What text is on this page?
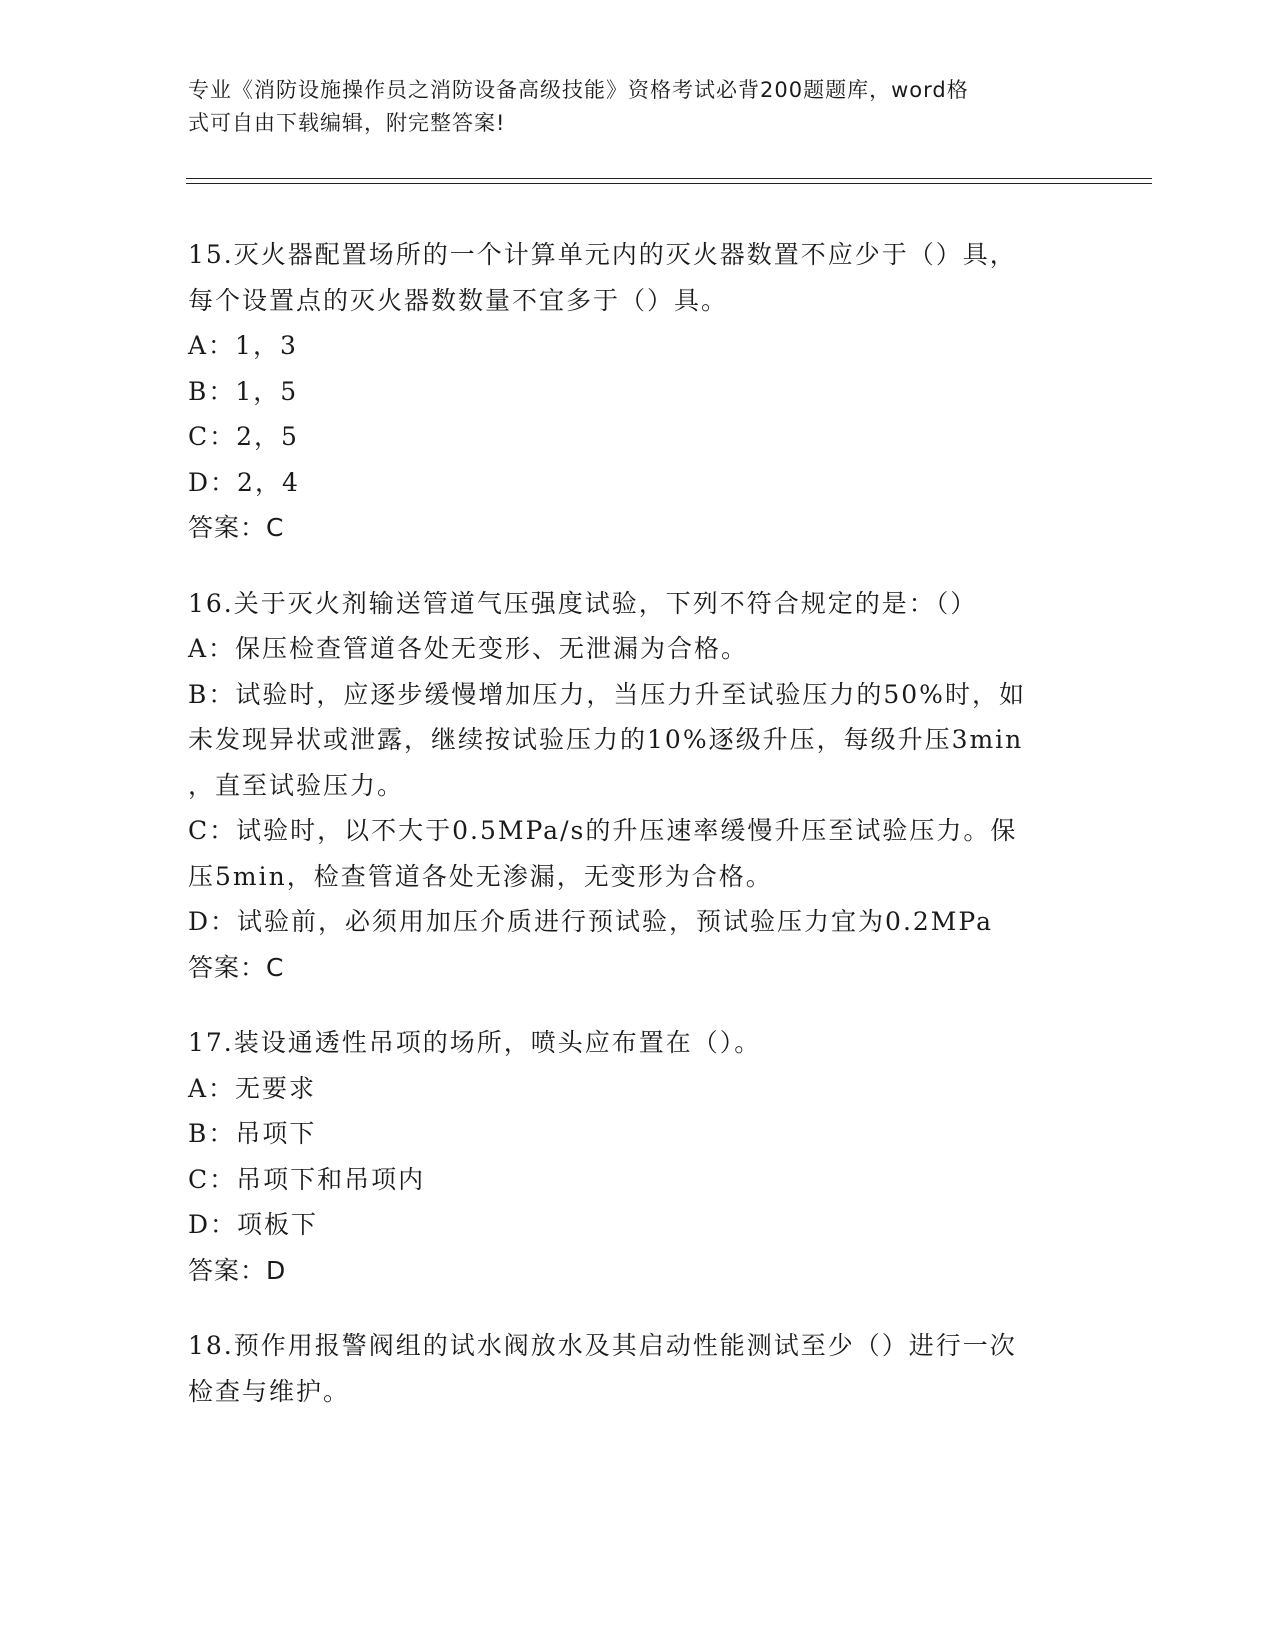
专业《消防设施操作员之消防设备高级技能》资格考试必背200题题库，word格
式可自由下载编辑，附完整答案!
15.灭火器配置场所的一个计算单元内的灭火器数置不应少于（）具，
每个设置点的灭火器数数量不宜多于（）具。
A：1，3
B：1，5
C：2，5
D：2，4
答案：C
16.关于灭火剂输送管道气压强度试验，下列不符合规定的是：（）
A：保压检查管道各处无变形、无泄漏为合格。
B：试验时，应逐步缓慢增加压力，当压力升至试验压力的50%时，如
未发现异状或泄露，继续按试验压力的10%逐级升压，每级升压3min
，直至试验压力。
C：试验时，以不大于0.5MPa/s的升压速率缓慢升压至试验压力。保
压5min，检查管道各处无渗漏，无变形为合格。
D：试验前，必须用加压介质进行预试验，预试验压力宜为0.2MPa
答案：C
17.装设通透性吊项的场所，喷头应布置在（）。
A：无要求
B：吊项下
C：吊项下和吊项内
D：项板下
答案：D
18.预作用报警阀组的试水阀放水及其启动性能测试至少（）进行一次
检查与维护。
